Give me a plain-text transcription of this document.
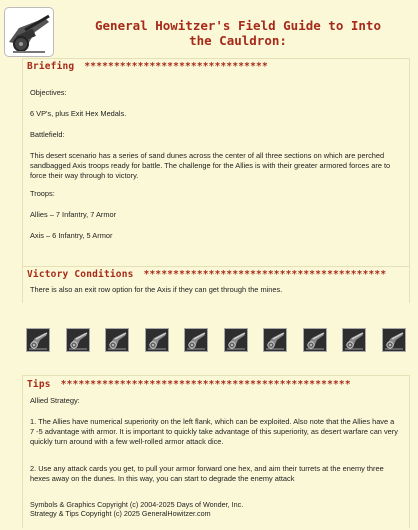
General Howitzer's Field Guide to Into
the Cauldron:
Briefing *******************************
Objectives:
6 VP's, plus Exit Hex Medals.
Battlefield:
This desert scenario has a series of sand dunes across the center of all three sections on which are perched sandbagged Axis troops ready for battle. The challenge for the Allies is with their greater armored forces are to force their way through to victory.
Troops:
Allies – 7 Infantry, 7 Armor
Axis – 6 Infantry, 5 Armor
Victory Conditions *****************************************
There is also an exit row option for the Axis if they can get through the mines.
Tips *************************************************
Allied Strategy:
1. The Allies have numerical superiority on the left flank, which can be exploited. Also note that the Allies have a 7 -5 advantage with armor. It is important to quickly take advantage of this superiority, as desert warfare can very quickly turn around with a few well-rolled armor attack dice.
2. Use any attack cards you get, to pull your armor forward one hex, and aim their turrets at the enemy three hexes away on the dunes. In this way, you can start to degrade the enemy attack
Symbols & Graphics Copyright (c) 2004-2025 Days of Wonder, Inc.
Strategy & Tips Copyright (c) 2025 GeneralHowitzer.com
